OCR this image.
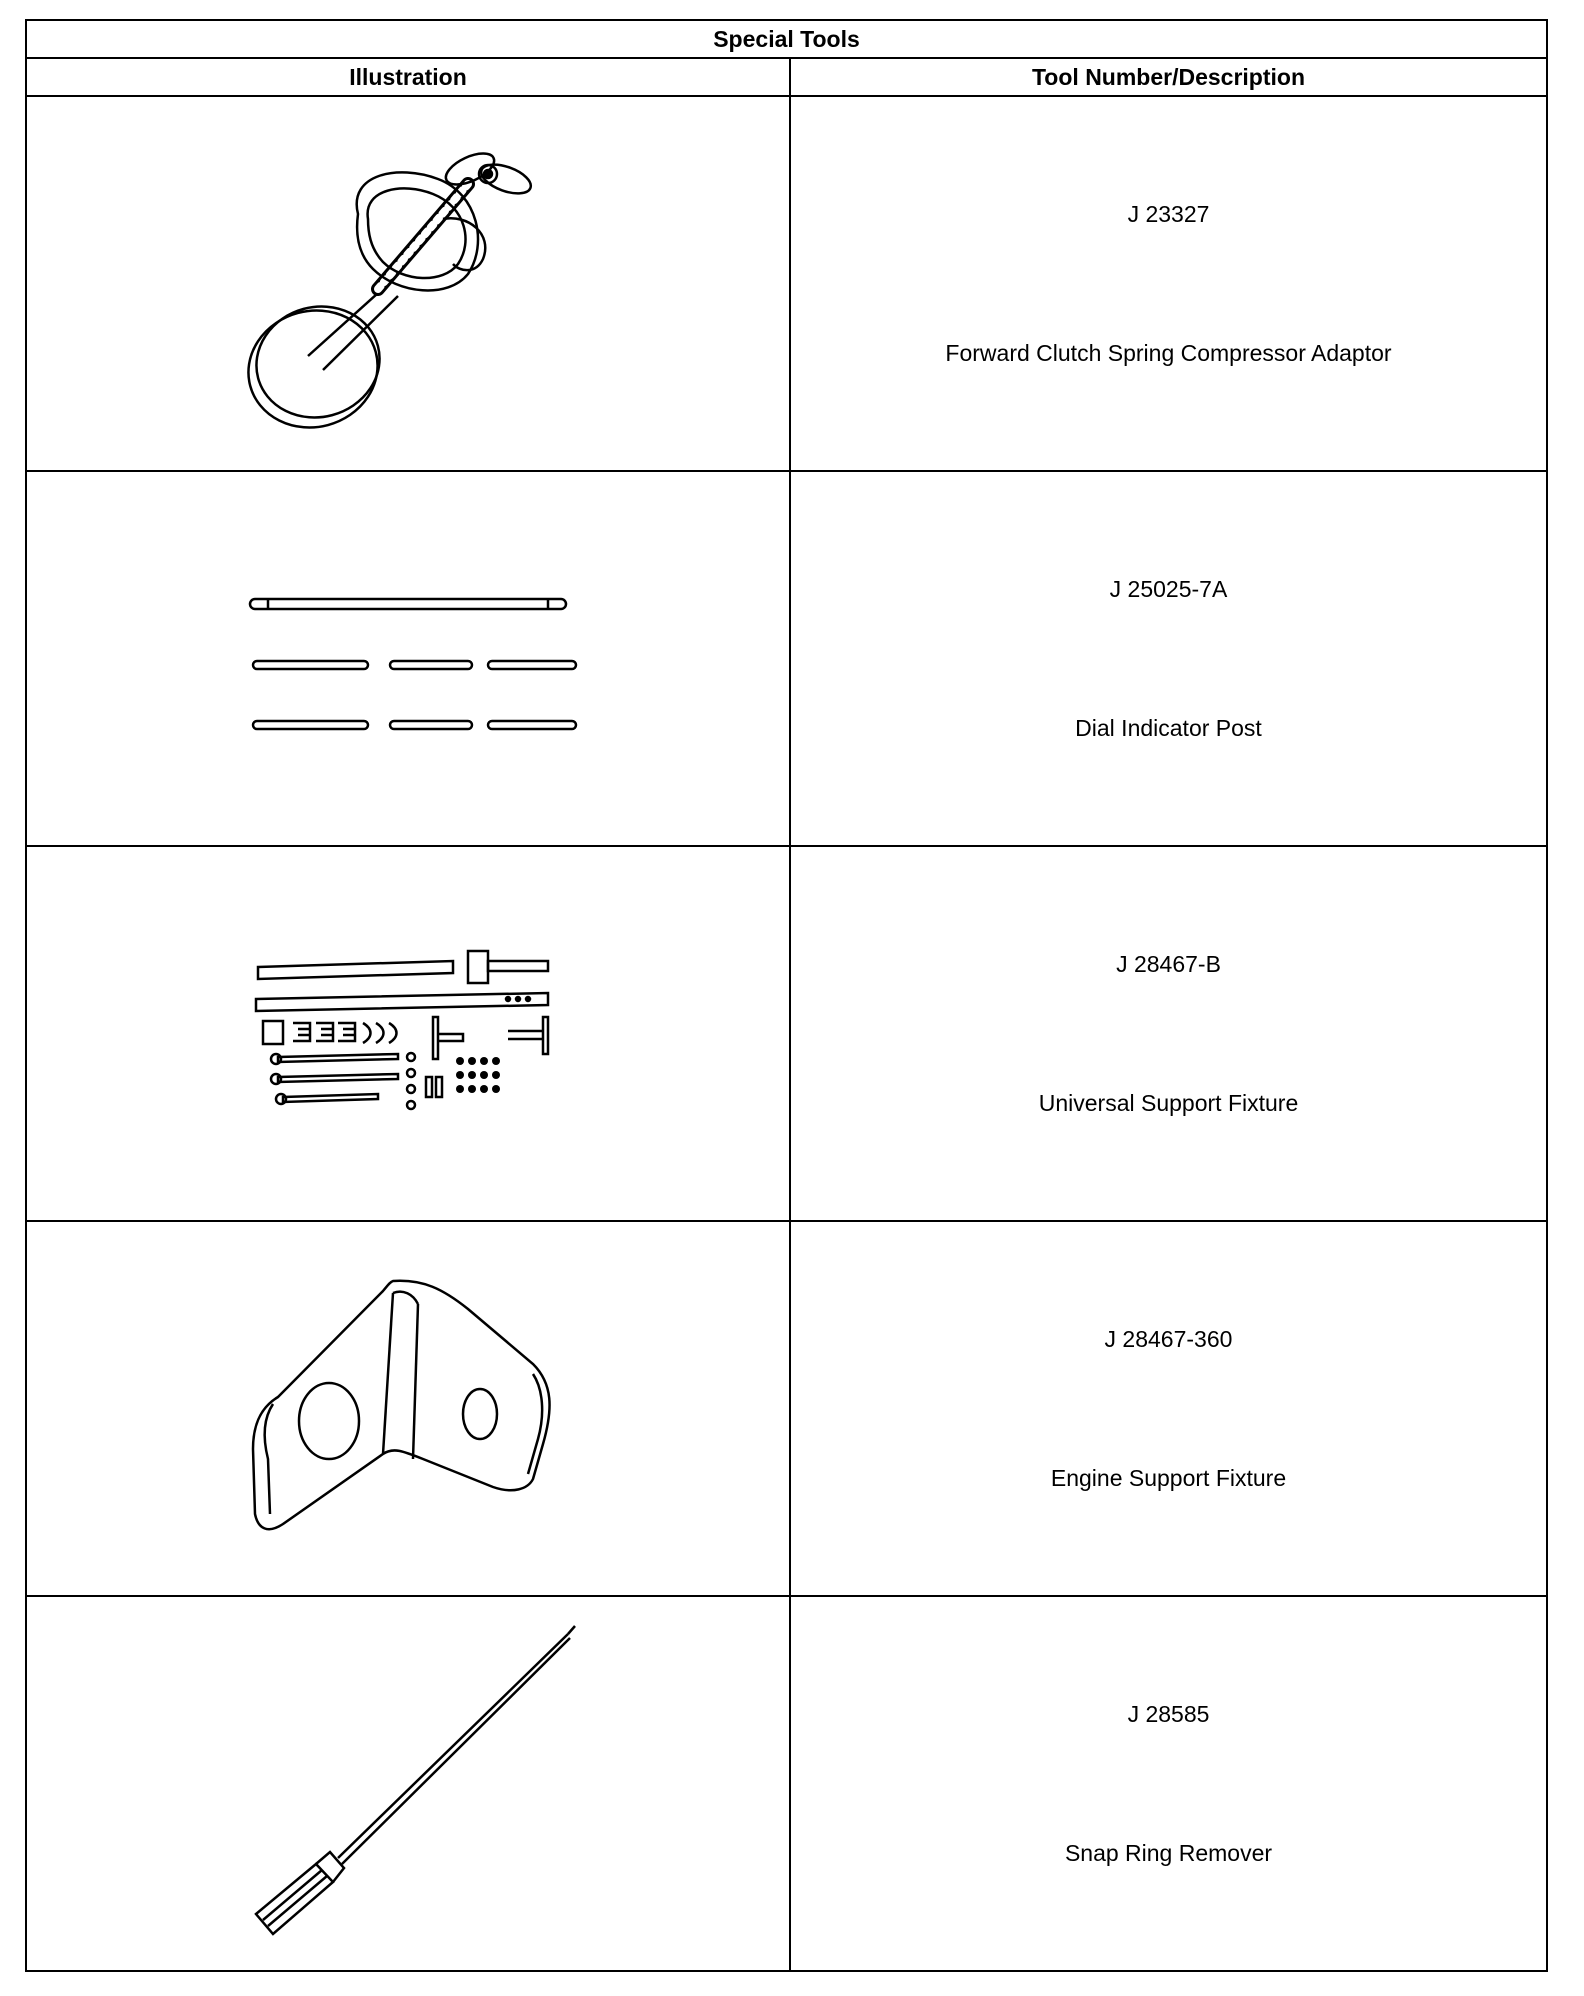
Special Tools	
Illustration	Tool Number/Description

J 23327
Forward Clutch Spring Compressor Adaptor

J 25025-7A
Dial Indicator Post

J 28467-B
Universal Support Fixture

J 28467-360
Engine Support Fixture

J 28585
Snap Ring Remover
